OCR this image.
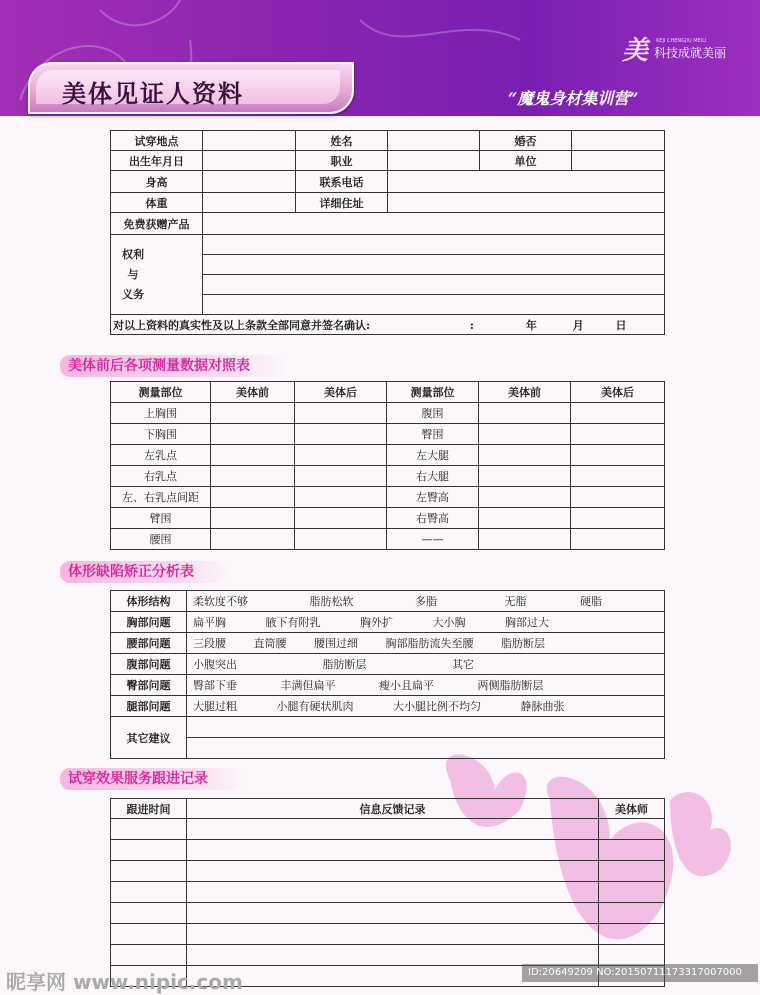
美 KEJI CHENGJIU MEILI
科技成就美丽
美体见证人资料	“魔鬼身材集训营”
试穿地点		姓名		婚否	
出生年月日		职业		单位	
身高		联系电话			
体重		详细住址			
免费获赠产品					

权利
与
义务					

对以上资料的真实性及以上条款全部同意并签名确认: : 年 月 日					
美体前后各项测量数据对照表
测量部位	美体前	美体后	测量部位	美体前	美体后
上胸围			腹围		
下胸围			臀围		
左乳点			左大腿		
右乳点			右大腿		
左、右乳点间距			左臀高		
臂围			右臀高		
腰围			——		
体形缺陷矫正分析表
体形结构	柔软度不够 脂肪松软 多脂 无脂 硬脂
胸部问题	扁平胸 腋下有附乳 胸外扩 大小胸 胸部过大
腰部问题	三段腰 直筒腰 腰围过细 胸部脂肪流失至腰 脂肪断层
腹部问题	小腹突出 脂肪断层 其它
臀部问题	臀部下垂 丰满但扁平 瘦小且扁平 两侧脂肪断层
腿部问题	大腿过粗 小腿有硬状肌肉 大小腿比例不均匀 静脉曲张
其它建议	
试穿效果服务跟进记录
跟进时间	信息反馈记录	美体师

昵享网 www.nipic.com	ID:20649209 NO:20150711173317007000
